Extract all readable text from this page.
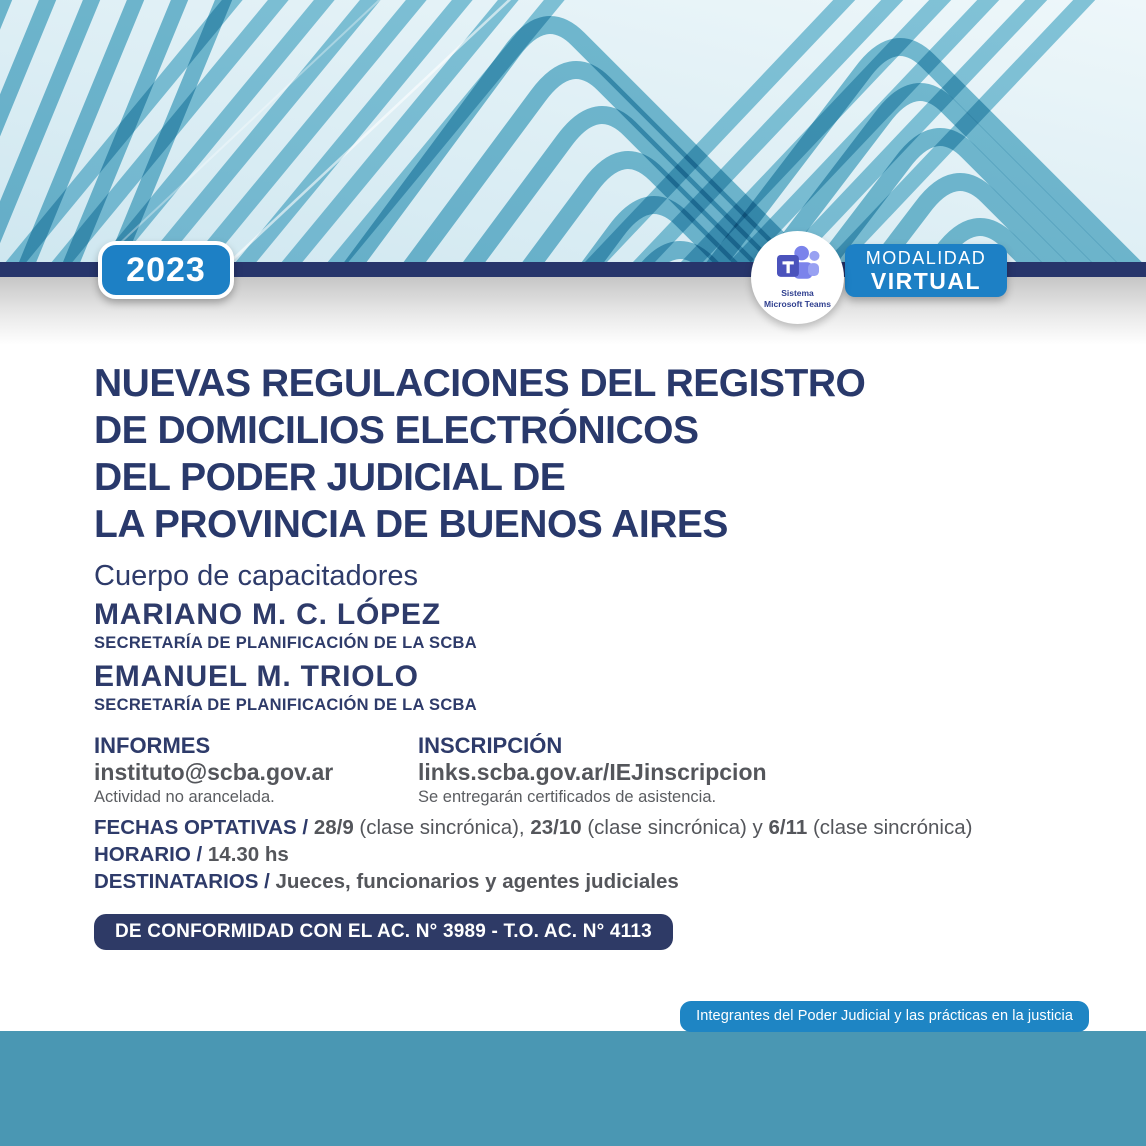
2023
Sistema
Microsoft Teams
MODALIDAD
VIRTUAL
NUEVAS REGULACIONES DEL REGISTRO
DE DOMICILIOS ELECTRÓNICOS
DEL PODER JUDICIAL DE
LA PROVINCIA DE BUENOS AIRES
Cuerpo de capacitadores
MARIANO M. C. LÓPEZ
SECRETARÍA DE PLANIFICACIÓN DE LA SCBA
EMANUEL M. TRIOLO
SECRETARÍA DE PLANIFICACIÓN DE LA SCBA
INFORMES
instituto@scba.gov.ar
Actividad no arancelada.
INSCRIPCIÓN
links.scba.gov.ar/IEJinscripcion
Se entregarán certificados de asistencia.
FECHAS OPTATIVAS / 28/9 (clase sincrónica), 23/10 (clase sincrónica) y 6/11 (clase sincrónica)
HORARIO / 14.30 hs
DESTINATARIOS / Jueces, funcionarios y agentes judiciales
DE CONFORMIDAD CON EL AC. N° 3989 - T.O. AC. N° 4113
Integrantes del Poder Judicial y las prácticas en la justicia
